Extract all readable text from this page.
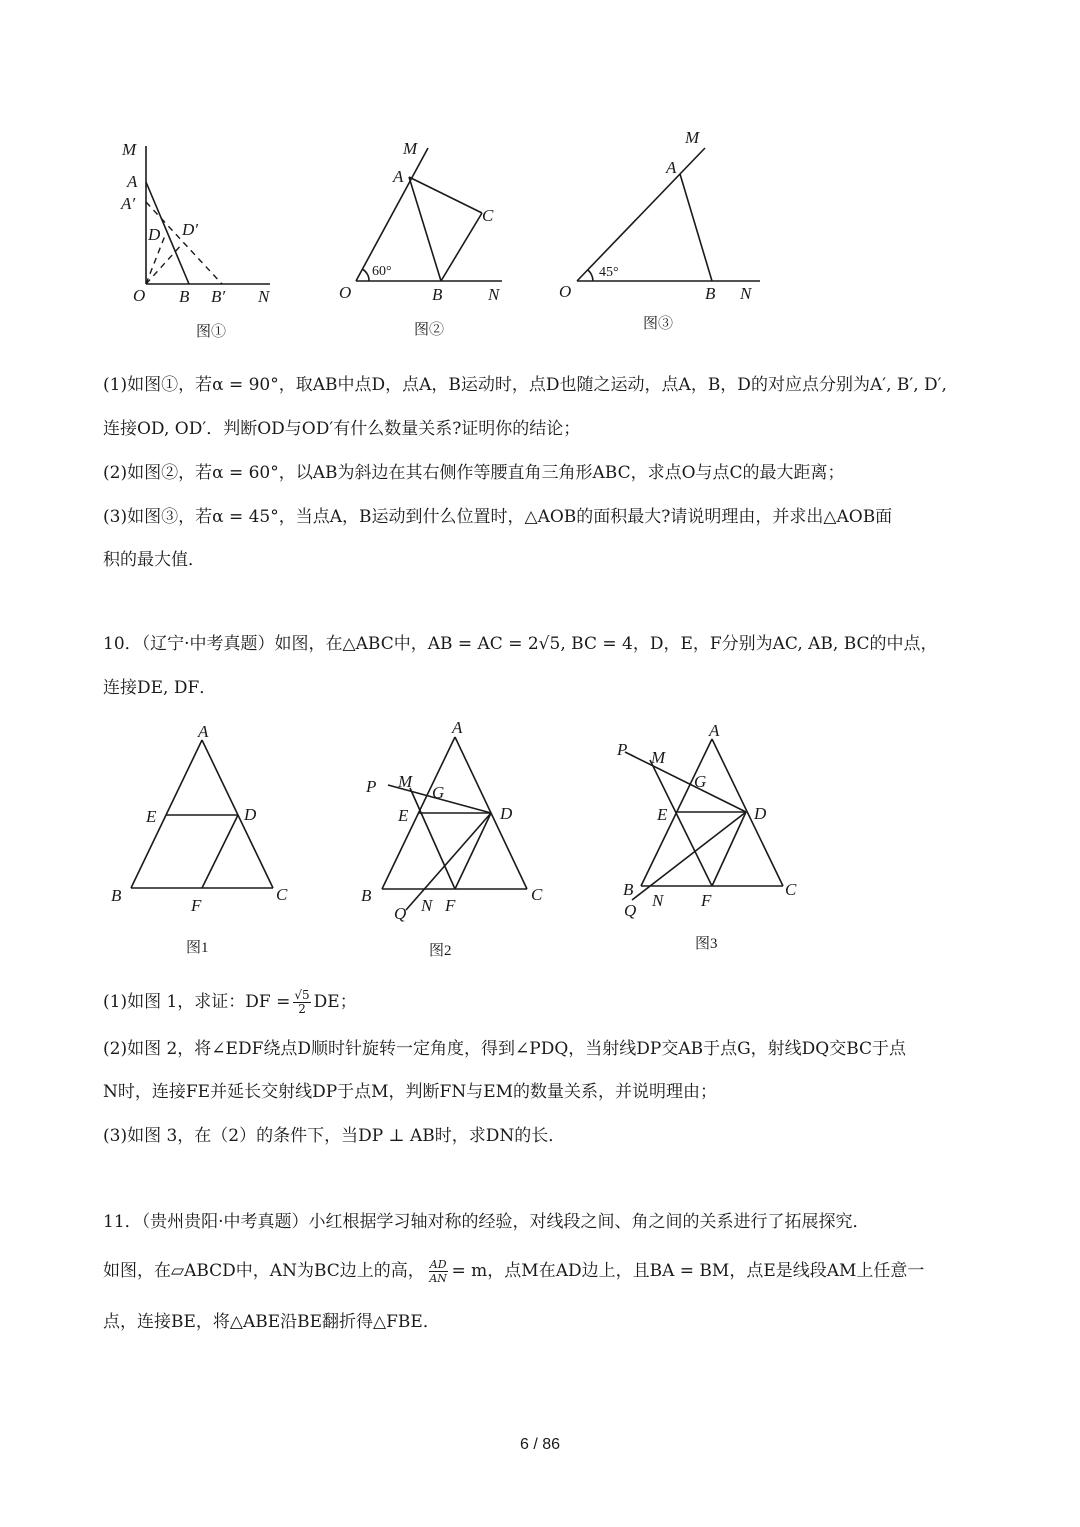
M
A
A′
D D′
O B B′ N
图①
M
A
C
60°
O	B	N
图②
M
A
45°
O	B N
图③

(1)如图①，若α = 90°，取AB中点D，点A，B运动时，点D也随之运动，点A，B，D的对应点分别为A′, B′, D′,

连接OD, OD′．判断OD与OD′有什么数量关系?证明你的结论；

(2)如图②，若α = 60°，以AB为斜边在其右侧作等腰直角三角形ABC，求点O与点C的最大距离；

(3)如图③，若α = 45°，当点A，B运动到什么位置时，△AOB的面积最大?请说明理由，并求出△AOB面

积的最大值．

10．（辽宁·中考真题）如图，在△ABC中，AB = AC = 2√5, BC = 4，D，E，F分别为AC, AB, BC的中点，

连接DE, DF．

A
E	D
B
F
C
图1
A
P M
G
E	D
B	C
Q N F
图2
A
P M
G
E	D
B
F
C
Q
N
图3
(1)如图 1，求证：DF = $\frac{√5}{2}$ DE；

(2)如图 2，将∠EDF绕点D顺时针旋转一定角度，得到∠PDQ，当射线DP交AB于点G，射线DQ交BC于点

N时，连接FE并延长交射线DP于点M，判断FN与EM的数量关系，并说明理由；

(3)如图 3，在（2）的条件下，当DP ⊥ AB时，求DN的长．

11．（贵州贵阳·中考真题）小红根据学习轴对称的经验，对线段之间、角之间的关系进行了拓展探究．

如图，在▱ABCD中，AN为BC边上的高， $\frac{AD}{AN} = m$，点M在AD边上，且BA = BM，点E是线段AM上任意一

点，连接BE，将△ABE沿BE翻折得△FBE．

6 / 86
